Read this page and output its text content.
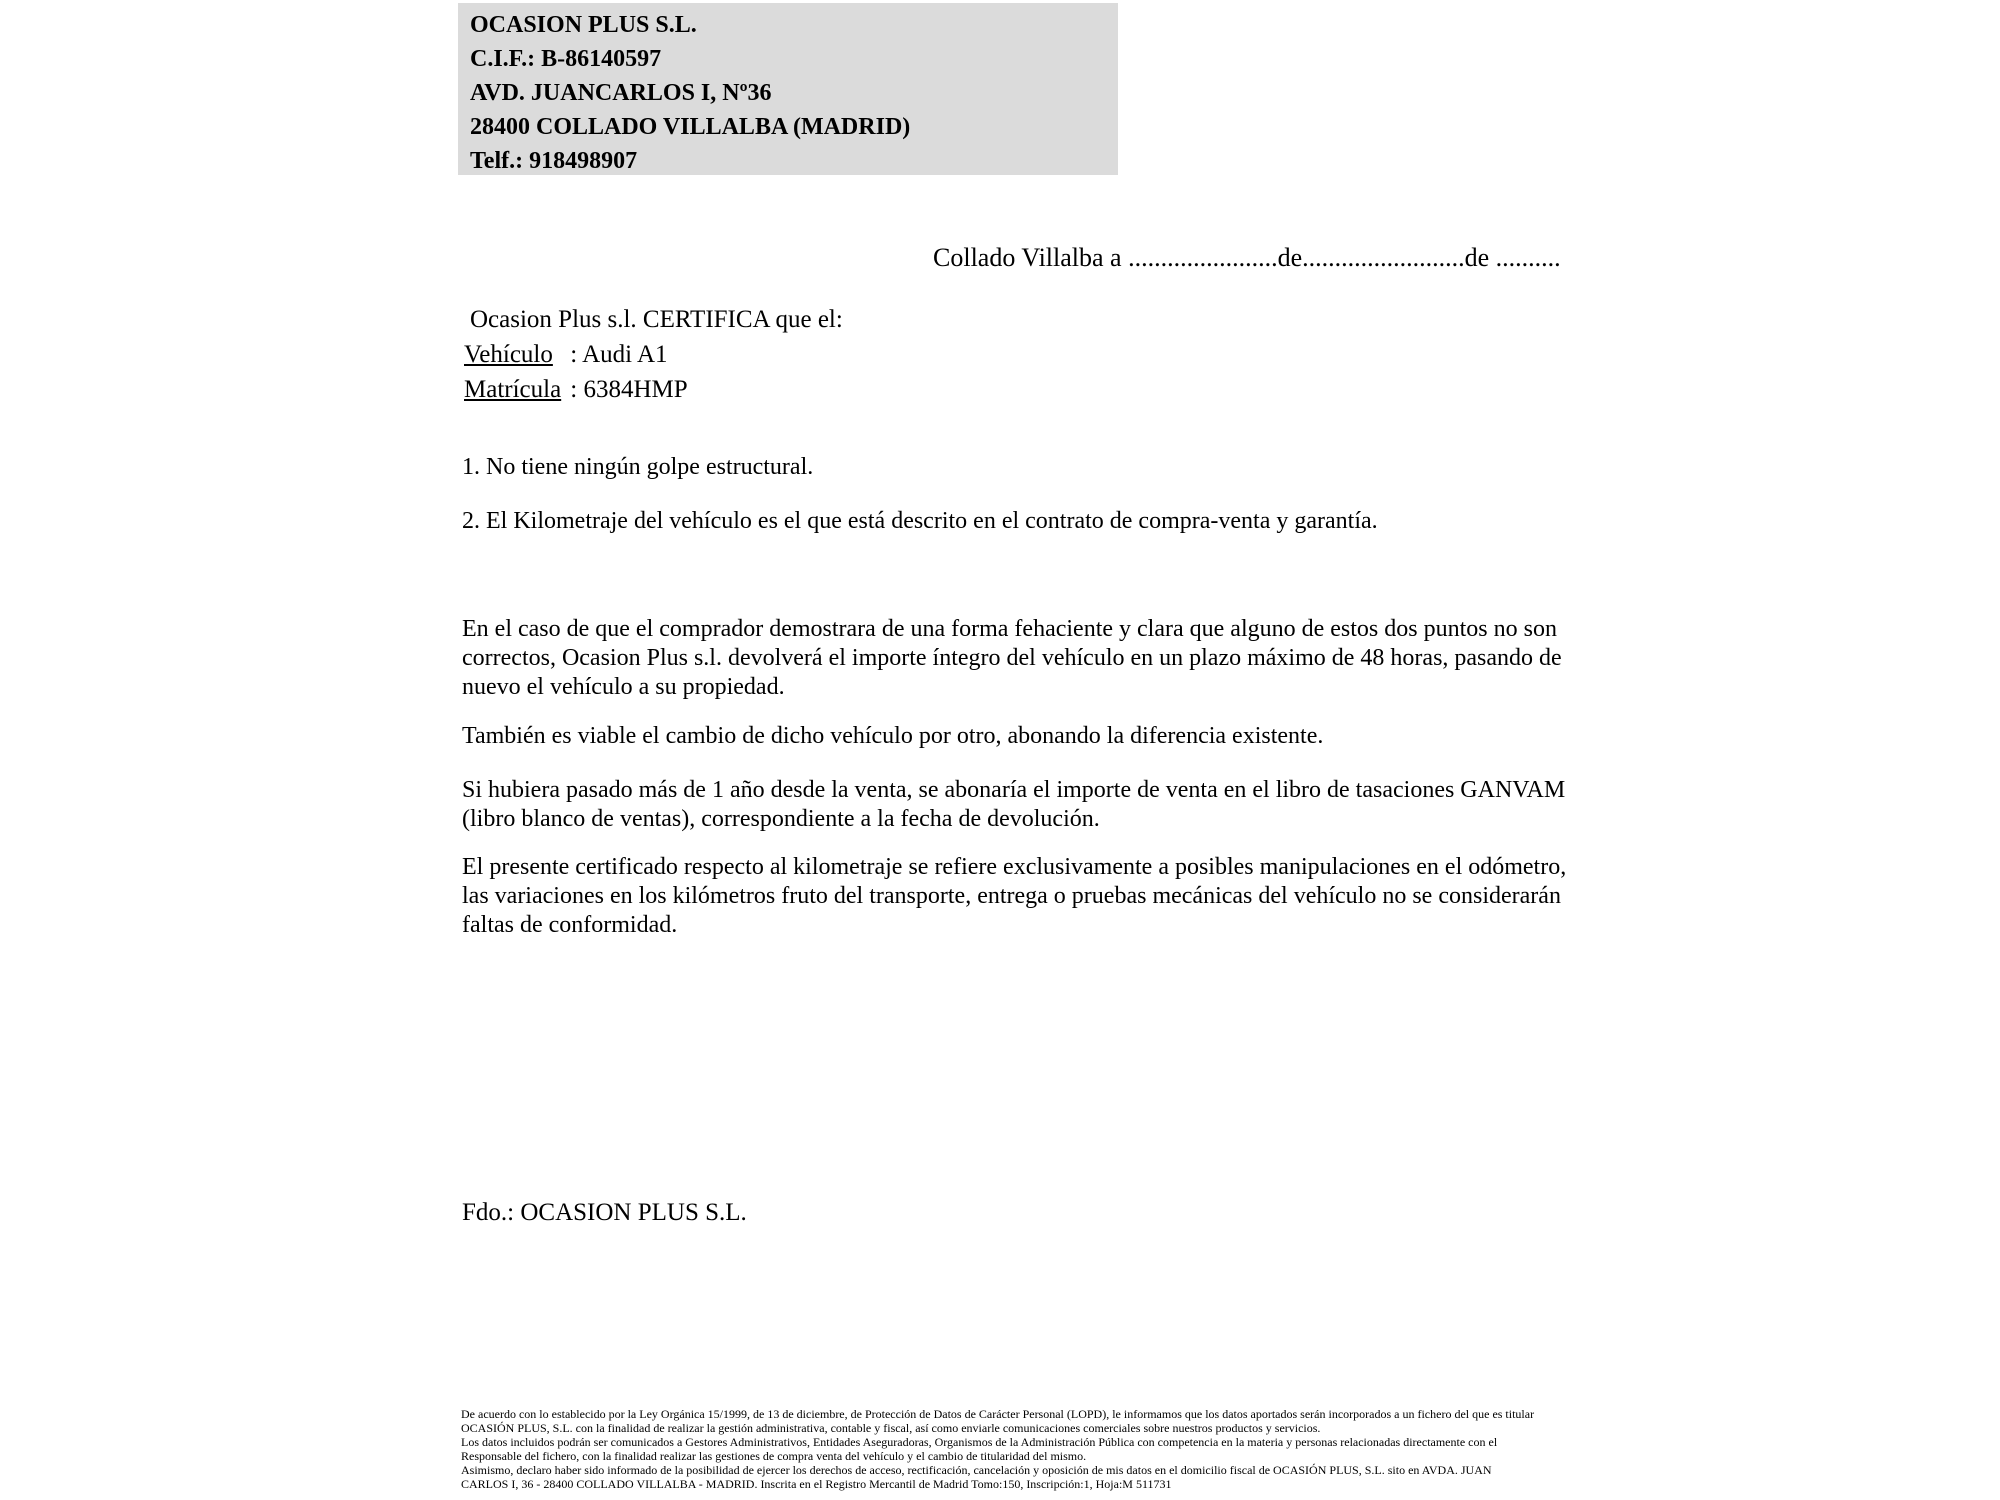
OCASION PLUS S.L.
C.I.F.: B-86140597
AVD. JUANCARLOS I, Nº36
28400 COLLADO VILLALBA (MADRID)
Telf.: 918498907
Collado Villalba a .......................de.........................de ..........
Ocasion Plus s.l. CERTIFICA que el:
Vehículo : Audi A1
Matrícula : 6384HMP
1. No tiene ningún golpe estructural.
2. El Kilometraje del vehículo es el que está descrito en el contrato de compra-venta y garantía.
En el caso de que el comprador demostrara de una forma fehaciente y clara que alguno de estos dos puntos no son correctos, Ocasion Plus s.l. devolverá el importe íntegro del vehículo en un plazo máximo de 48 horas, pasando de nuevo el vehículo a su propiedad.
También es viable el cambio de dicho vehículo por otro, abonando la diferencia existente.
Si hubiera pasado más de 1 año desde la venta, se abonaría el importe de venta en el libro de tasaciones GANVAM (libro blanco de ventas), correspondiente a la fecha de devolución.
El presente certificado respecto al kilometraje se refiere exclusivamente a posibles manipulaciones en el odómetro, las variaciones en los kilómetros fruto del transporte, entrega o pruebas mecánicas del vehículo no se considerarán faltas de conformidad.
Fdo.: OCASION PLUS S.L.
De acuerdo con lo establecido por la Ley Orgánica 15/1999, de 13 de diciembre, de Protección de Datos de Carácter Personal (LOPD), le informamos que los datos aportados serán incorporados a un fichero del que es titular
OCASIÓN PLUS, S.L. con la finalidad de realizar la gestión administrativa, contable y fiscal, así como enviarle comunicaciones comerciales sobre nuestros productos y servicios.
Los datos incluidos podrán ser comunicados a Gestores Administrativos, Entidades Aseguradoras, Organismos de la Administración Pública con competencia en la materia y personas relacionadas directamente con el
Responsable del fichero, con la finalidad realizar las gestiones de compra venta del vehículo y el cambio de titularidad del mismo.
Asimismo, declaro haber sido informado de la posibilidad de ejercer los derechos de acceso, rectificación, cancelación y oposición de mis datos en el domicilio fiscal de OCASIÓN PLUS, S.L. sito en AVDA. JUAN
CARLOS I, 36 - 28400 COLLADO VILLALBA - MADRID. Inscrita en el Registro Mercantil de Madrid Tomo:150, Inscripción:1, Hoja:M 511731
